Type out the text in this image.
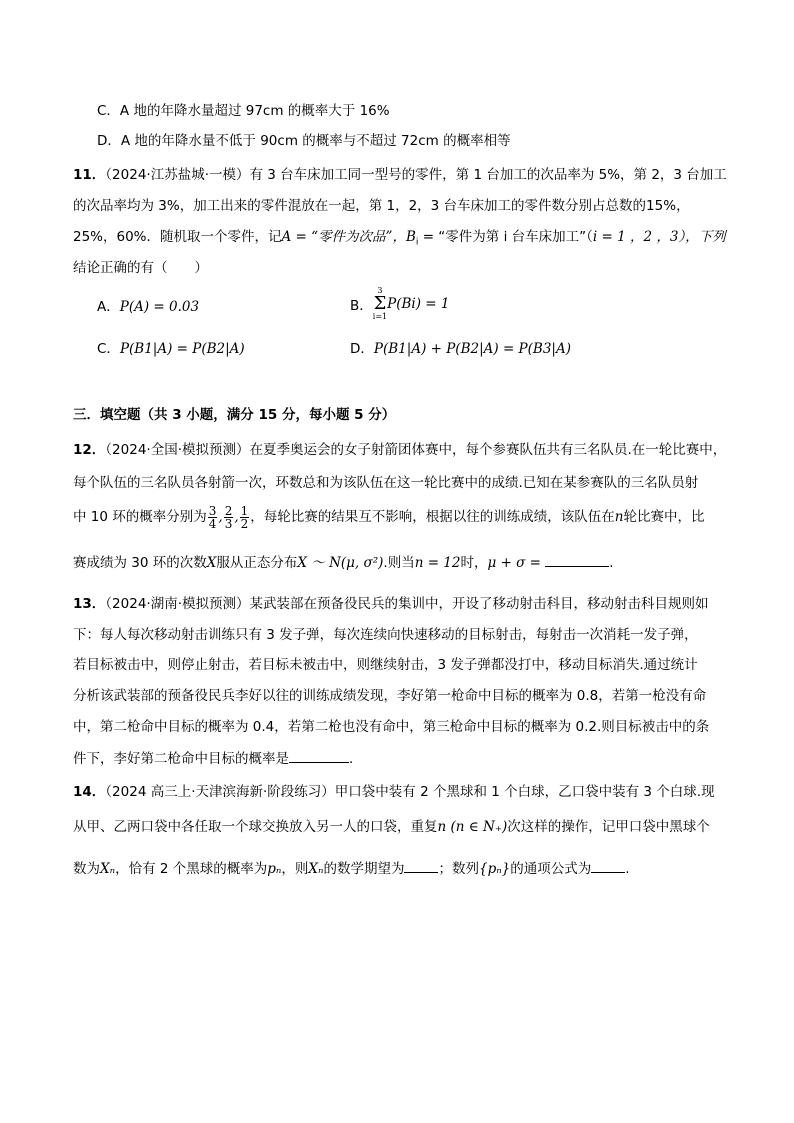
C．A 地的年降水量超过 97cm 的概率大于 16%
D．A 地的年降水量不低于 90cm 的概率与不超过 72cm 的概率相等
11．（2024·江苏盐城·一模）有 3 台车床加工同一型号的零件，第 1 台加工的次品率为 5%，第 2，3 台加工
的次品率均为 3%，加工出来的零件混放在一起，第 1，2，3 台车床加工的零件数分别占总数的15%，
25%，60%．随机取一个零件，记A = “零件为次品”，$B_i$ = “零件为第 i 台车床加工”（i = 1 ，2 ，3），下列
结论正确的有（　　）
A．P(A) = 0.03	B．
3
Σ
i=1
P(Bi) = 1
C．P(B1|A) = P(B2|A)	D．P(B1|A) + P(B2|A) = P(B3|A)
三．填空题（共 3 小题，满分 15 分，每小题 5 分）
12．（2024·全国·模拟预测）在夏季奥运会的女子射箭团体赛中，每个参赛队伍共有三名队员.在一轮比赛中，
每个队伍的三名队员各射箭一次，环数总和为该队伍在这一轮比赛中的成绩.已知在某参赛队的三名队员射
中 10 环的概率分别为 $\frac{3}{4}$ , $\frac{2}{3}$ , $\frac{1}{2}$ ，每轮比赛的结果互不影响，根据以往的训练成绩，该队伍在n轮比赛中，比
赛成绩为 30 环的次数X服从正态分布X ～ N(μ, σ²).则当n = 12时，μ + σ =	.
13．（2024·湖南·模拟预测）某武装部在预备役民兵的集训中，开设了移动射击科目，移动射击科目规则如
下：每人每次移动射击训练只有 3 发子弹，每次连续向快速移动的目标射击，每射击一次消耗一发子弹，
若目标被击中，则停止射击，若目标未被击中，则继续射击，3 发子弹都没打中，移动目标消失.通过统计
分析该武装部的预备役民兵李好以往的训练成绩发现，李好第一枪命中目标的概率为 0.8，若第一枪没有命
中，第二枪命中目标的概率为 0.4，若第二枪也没有命中，第三枪命中目标的概率为 0.2.则目标被击中的条
件下，李好第二枪命中目标的概率是	.
14．（2024 高三上·天津滨海新·阶段练习）甲口袋中装有 2 个黑球和 1 个白球，乙口袋中装有 3 个白球.现
从甲、乙两口袋中各任取一个球交换放入另一人的口袋，重复n (n ∈ N₊)次这样的操作，记甲口袋中黑球个
数为Xₙ，恰有 2 个黑球的概率为pₙ，则Xₙ的数学期望为	；数列{pₙ}的通项公式为	.
